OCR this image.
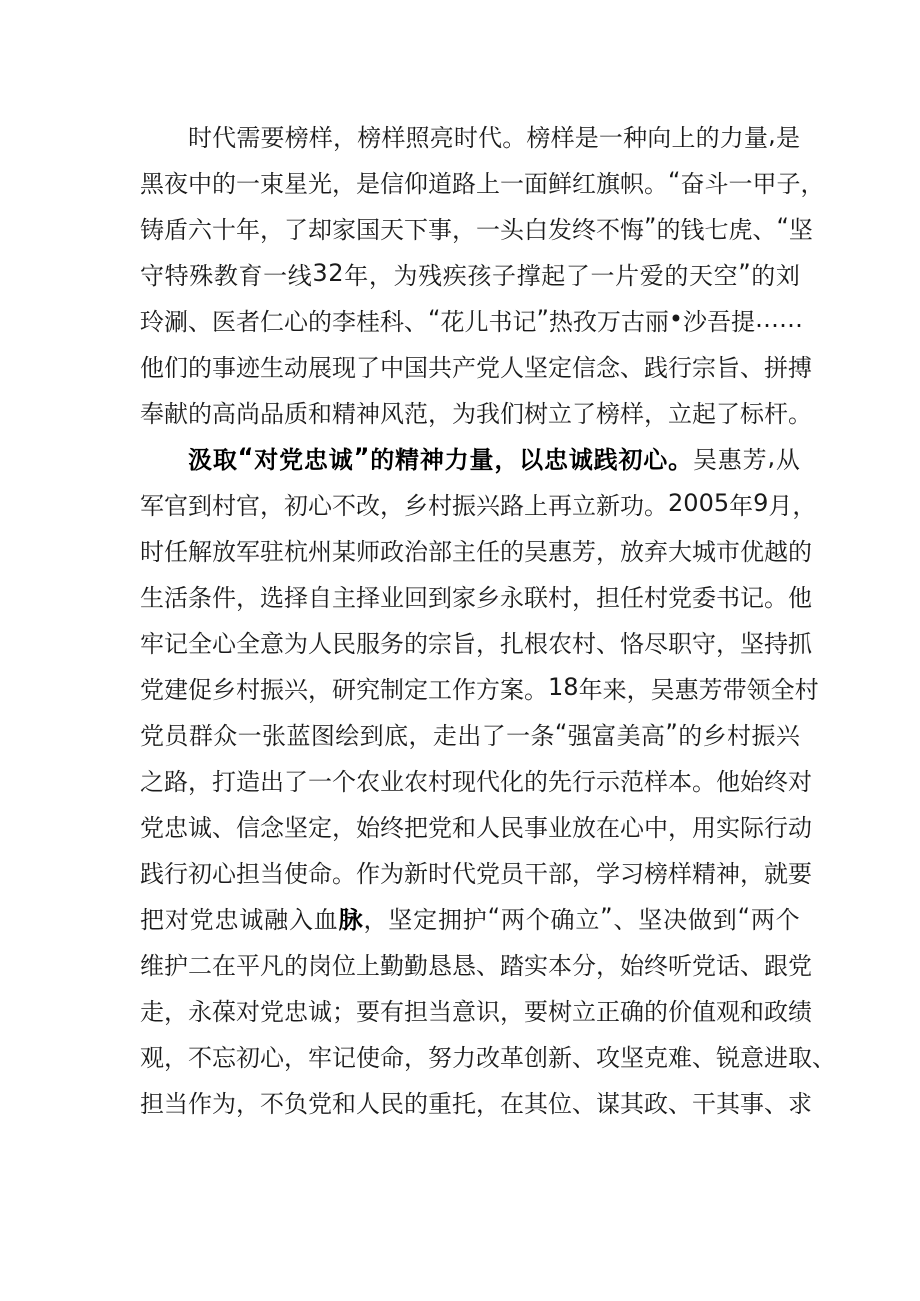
时 代 需 要 榜 样 ， 榜 样 照 亮 时 代 。 榜 样 是 一 种 向 上 的 力 量 , 是
黑 夜 中 的 一 束 星 光 ， 是 信 仰 道 路 上 一 面 鲜 红 旗 帜 。 “ 奋 斗 一 甲 子 ，
铸 盾 六 十 年 ， 了 却 家 国 天 下 事 ， 一 头 白 发 终 不 悔 ” 的 钱 七 虎 、 “ 坚
守 特 殊 教 育 一 线 3 2 年 ， 为 残 疾 孩 子 撑 起 了 一 片 爱 的 天 空 ” 的 刘
玲 涮 、 医 者 仁 心 的 李 桂 科 、 “ 花 儿 书 记 ” 热 孜 万 古 丽 • 沙 吾 提 … …
他 们 的 事 迹 生 动 展 现 了 中 国 共 产 党 人 坚 定 信 念 、 践 行 宗 旨 、 拼 搏
奉 献 的 高 尚 品 质 和 精 神 风 范 ， 为 我 们 树 立 了 榜 样 ， 立 起 了 标 杆 。
汲 取 “ 对 党 忠 诚 ” 的 精 神 力 量 ， 以 忠 诚 践 初 心 。 吴 惠 芳 , 从
军 官 到 村 官 ， 初 心 不 改 ， 乡 村 振 兴 路 上 再 立 新 功 。 2 0 0 5 年 9 月 ，
时 任 解 放 军 驻 杭 州 某 师 政 治 部 主 任 的 吴 惠 芳 ， 放 弃 大 城 市 优 越 的
生 活 条 件 ， 选 择 自 主 择 业 回 到 家 乡 永 联 村 ， 担 任 村 党 委 书 记 。 他
牢 记 全 心 全 意 为 人 民 服 务 的 宗 旨 ， 扎 根 农 村 、 恪 尽 职 守 ， 坚 持 抓
党 建 促 乡 村 振 兴 ， 研 究 制 定 工 作 方 案 。 1 8 年 来 ， 吴 惠 芳 带 领 全 村
党 员 群 众 一 张 蓝 图 绘 到 底 ， 走 出 了 一 条 “ 强 富 美 高 ” 的 乡 村 振 兴
之 路 ， 打 造 出 了 一 个 农 业 农 村 现 代 化 的 先 行 示 范 样 本 。 他 始 终 对
党 忠 诚 、 信 念 坚 定 ， 始 终 把 党 和 人 民 事 业 放 在 心 中 ， 用 实 际 行 动
践 行 初 心 担 当 使 命 。 作 为 新 时 代 党 员 干 部 ， 学 习 榜 样 精 神 ， 就 要
把 对 党 忠 诚 融 入 血 脉 ， 坚 定 拥 护 “ 两 个 确 立 ” 、 坚 决 做 到 “ 两 个
维 护 二 在 平 凡 的 岗 位 上 勤 勤 恳 恳 、 踏 实 本 分 ， 始 终 听 党 话 、 跟 党
走 ， 永 葆 对 党 忠 诚 ； 要 有 担 当 意 识 ， 要 树 立 正 确 的 价 值 观 和 政 绩
观 ， 不 忘 初 心 ， 牢 记 使 命 ， 努 力 改 革 创 新 、 攻 坚 克 难 、 锐 意 进 取 、
担 当 作 为 ， 不 负 党 和 人 民 的 重 托 ， 在 其 位 、 谋 其 政 、 干 其 事 、 求
